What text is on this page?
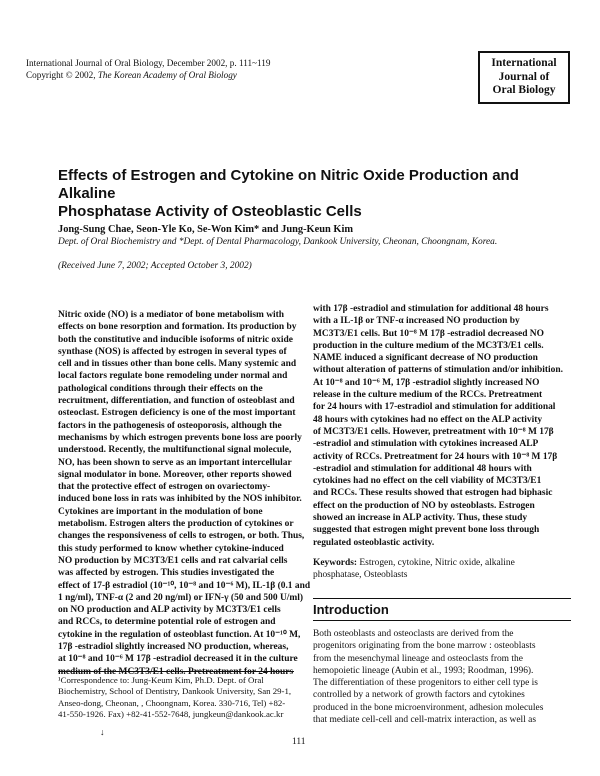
International Journal of Oral Biology, December 2002, p. 111~119
Copyright © 2002, The Korean Academy of Oral Biology
International
Journal of
Oral Biology
Effects of Estrogen and Cytokine on Nitric Oxide Production and Alkaline
Phosphatase Activity of Osteoblastic Cells
Jong-Sung Chae, Seon-Yle Ko, Se-Won Kim* and Jung-Keun Kim
Dept. of Oral Biochemistry and *Dept. of Dental Pharmacology, Dankook University, Cheonan, Choongnam, Korea.
(Received June 7, 2002; Accepted October 3, 2002)
Nitric oxide (NO) is a mediator of bone metabolism with
effects on bone resorption and formation. Its production by
both the constitutive and inducible isoforms of nitric oxide
synthase (NOS) is affected by estrogen in several types of
cell and in tissues other than bone cells. Many systemic and
local factors regulate bone remodeling under normal and
pathological conditions through their effects on the
recruitment, differentiation, and function of osteoblast and
osteoclast. Estrogen deficiency is one of the most important
factors in the pathogenesis of osteoporosis, although the
mechanisms by which estrogen prevents bone loss are poorly
understood. Recently, the multifunctional signal molecule,
NO, has been shown to serve as an important intercellular
signal modulator in bone. Moreover, other reports showed
that the protective effect of estrogen on ovariectomy-
induced bone loss in rats was inhibited by the NOS inhibitor.
Cytokines are important in the modulation of bone
metabolism. Estrogen alters the production of cytokines or
changes the responsiveness of cells to estrogen, or both. Thus,
this study performed to know whether cytokine-induced
NO production by MC3T3/E1 cells and rat calvarial cells
was affected by estrogen. This studies investigated the
effect of 17-β estradiol (10⁻¹⁰, 10⁻⁸ and 10⁻⁶ M), IL-1β (0.1 and
1 ng/ml), TNF-α (2 and 20 ng/ml) or IFN-γ (50 and 500 U/ml)
on NO production and ALP activity by MC3T3/E1 cells
and RCCs, to determine potential role of estrogen and
cytokine in the regulation of osteoblast function. At 10⁻¹⁰ M,
17β -estradiol slightly increased NO production, whereas,
at 10⁻⁸ and 10⁻⁶ M 17β -estradiol decreased it in the culture
medium of the MC3T3/E1 cells. Pretreatment for 24 hours
with 17β -estradiol and stimulation for additional 48 hours
with a IL-1β or TNF-α increased NO production by
MC3T3/E1 cells. But 10⁻⁸ M 17β -estradiol decreased NO
production in the culture medium of the MC3T3/E1 cells.
NAME induced a significant decrease of NO production
without alteration of patterns of stimulation and/or inhibition.
At 10⁻⁸ and 10⁻⁶ M, 17β -estradiol slightly increased NO
release in the culture medium of the RCCs. Pretreatment
for 24 hours with 17-estradiol and stimulation for additional
48 hours with cytokines had no effect on the ALP activity
of MC3T3/E1 cells. However, pretreatment with 10⁻⁸ M 17β
-estradiol and stimulation with cytokines increased ALP
activity of RCCs. Pretreatment for 24 hours with 10⁻⁸ M 17β
-estradiol and stimulation for additional 48 hours with
cytokines had no effect on the cell viability of MC3T3/E1
and RCCs. These results showed that estrogen had biphasic
effect on the production of NO by osteoblasts. Estrogen
showed an increase in ALP activity. Thus, these study
suggested that estrogen might prevent bone loss through
regulated osteoblastic activity.
Keywords: Estrogen, cytokine, Nitric oxide, alkaline
phosphatase, Osteoblasts
Introduction
Both osteoblasts and osteoclasts are derived from the
progenitors originating from the bone marrow : osteoblasts
from the mesenchymal lineage and osteoclasts from the
hemopoietic lineage (Aubin et al., 1993; Roodman, 1996).
The differentiation of these progenitors to either cell type is
controlled by a network of growth factors and cytokines
produced in the bone microenvironment, adhesion molecules
that mediate cell-cell and cell-matrix interaction, as well as
¹Correspondence to: Jung-Keum Kim, Ph.D. Dept. of Oral
Biochemistry, School of Dentistry, Dankook University, San 29-1,
Anseo-dong, Cheonan, , Choongnam, Korea. 330-716, Tel) +82-
41-550-1926. Fax) +82-41-552-7648, jungkeun@dankook.ac.kr
↓
111
